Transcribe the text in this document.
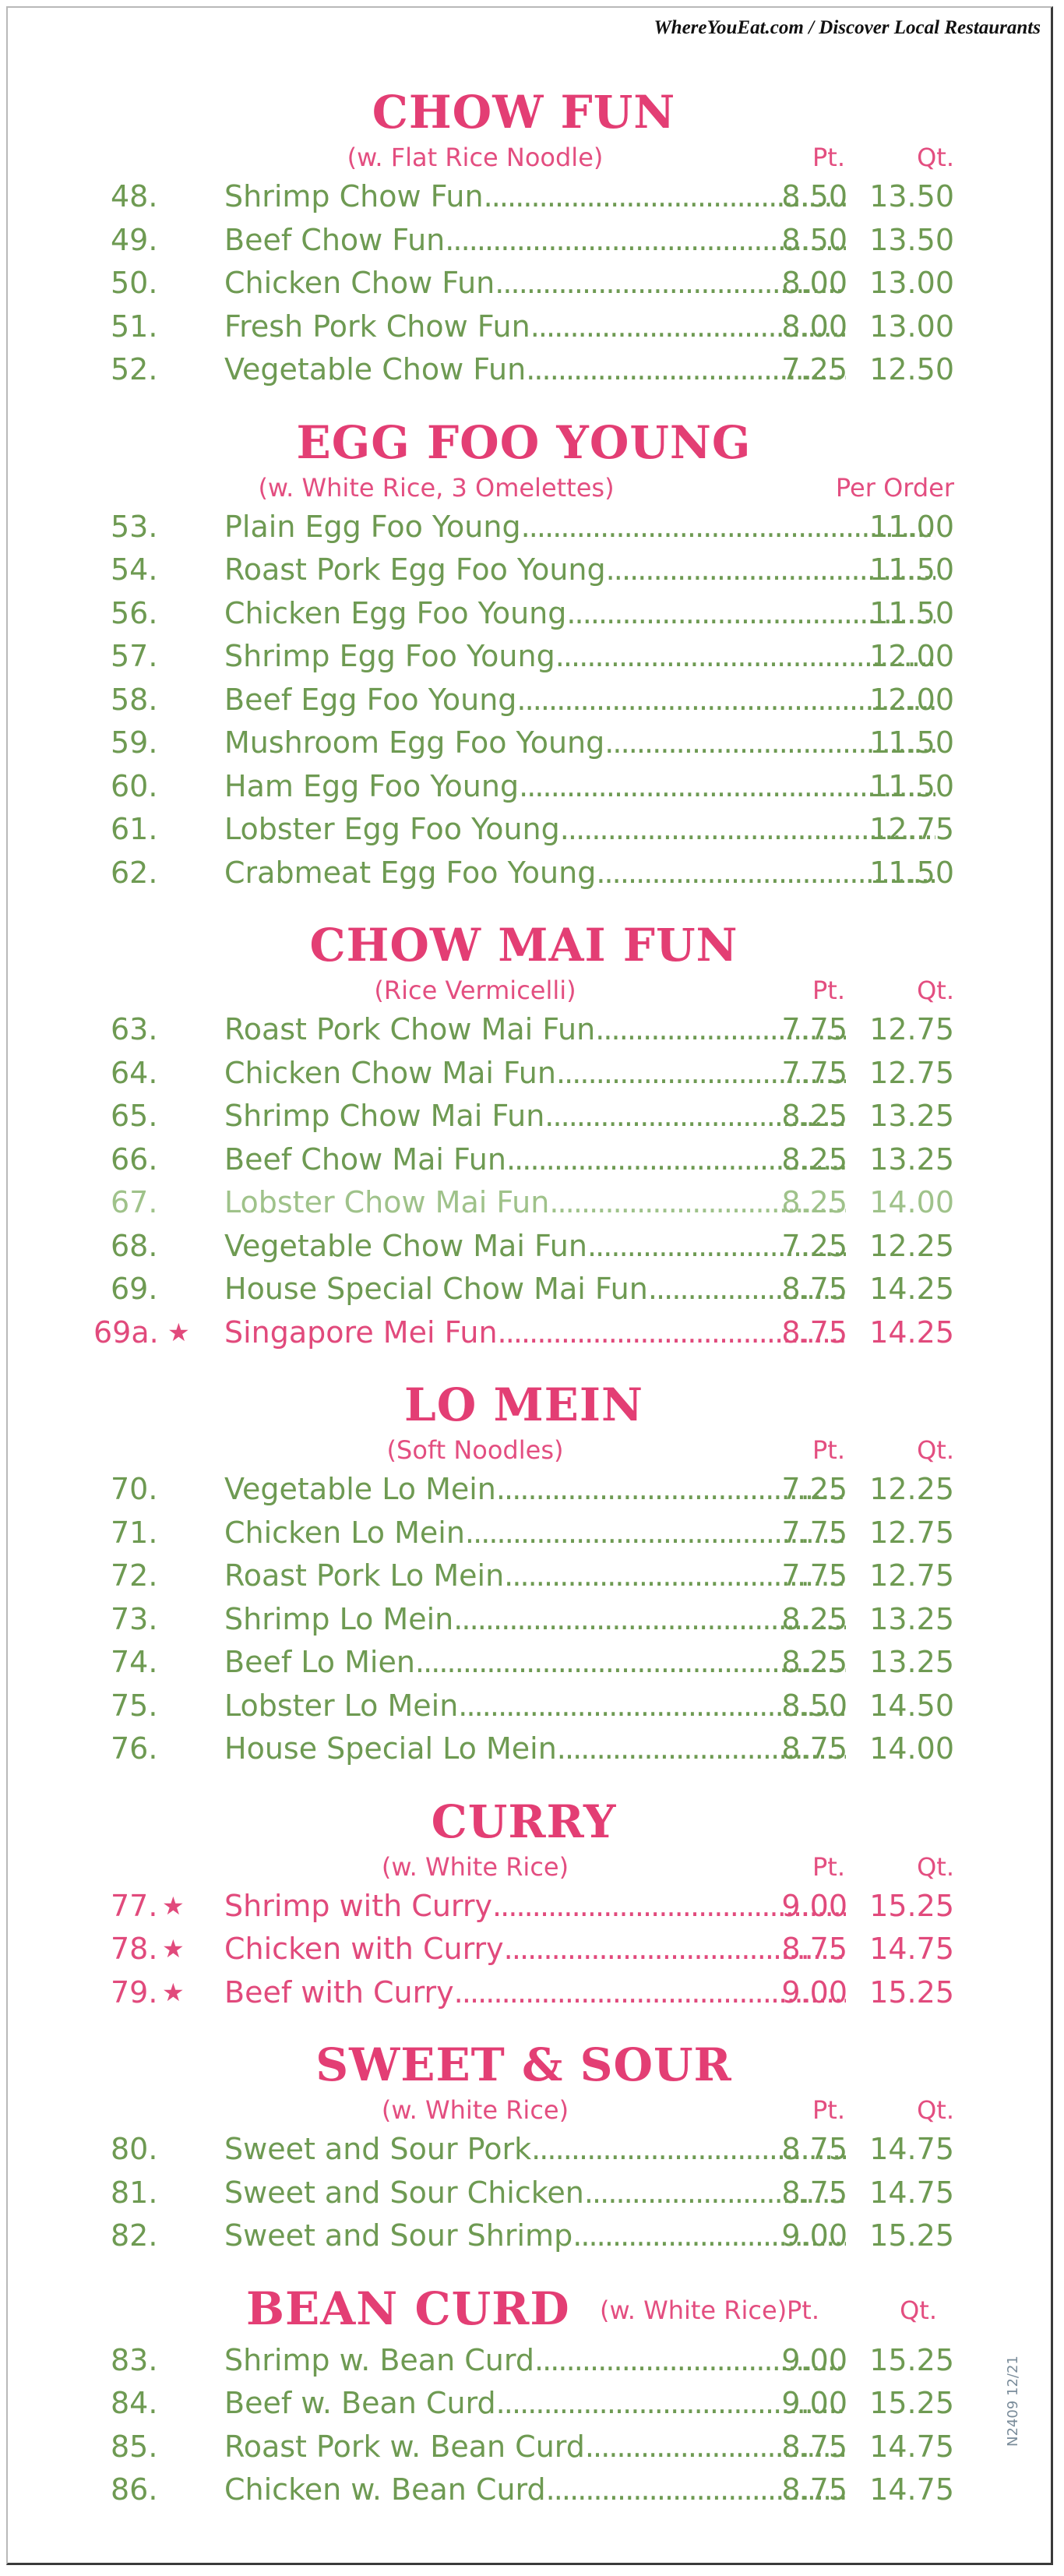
WhereYouEat.com / Discover Local Restaurants
CHOW FUN
(w. Flat Rice Noodle)	Pt.	Qt.
48. Shrimp Chow Fun . . .	8.50 13.50
49. Beef Chow Fun . . .	8.50 13.50
50. Chicken Chow Fun . . .	8.00 13.00
51. Fresh Pork Chow Fun . . .	8.00 13.00
52. Vegetable Chow Fun . . .	7.25 12.50
EGG FOO YOUNG
(w. White Rice, 3 Omelettes)	Per Order
53. Plain Egg Foo Young . . .	11.00
54. Roast Pork Egg Foo Young . . .	11.50
56. Chicken Egg Foo Young . . .	11.50
57. Shrimp Egg Foo Young . . .	12.00
58. Beef Egg Foo Young . . .	12.00
59. Mushroom Egg Foo Young . . .	11.50
60. Ham Egg Foo Young . . .	11.50
61. Lobster Egg Foo Young . . .	12.75
62. Crabmeat Egg Foo Young . . .	11.50
CHOW MAI FUN
(Rice Vermicelli)	Pt.	Qt.
63. Roast Pork Chow Mai Fun . . .	7.75 12.75
64. Chicken Chow Mai Fun . . .	7.75 12.75
65. Shrimp Chow Mai Fun . . .	8.25 13.25
66. Beef Chow Mai Fun . . .	8.25 13.25
67. Lobster Chow Mai Fun . . .	8.25 14.00
68. Vegetable Chow Mai Fun . . .	7.25 12.25
69. House Special Chow Mai Fun . . .	8.75 14.25
69a. ★ Singapore Mei Fun . . .	8.75 14.25
LO MEIN
(Soft Noodles)	Pt.	Qt.
70. Vegetable Lo Mein . . .	7.25 12.25
71. Chicken Lo Mein . . .	7.75 12.75
72. Roast Pork Lo Mein . . .	7.75 12.75
73. Shrimp Lo Mein . . .	8.25 13.25
74. Beef Lo Mien . . .	8.25 13.25
75. Lobster Lo Mein . . .	8.50 14.50
76. House Special Lo Mein . . .	8.75 14.00
CURRY
(w. White Rice)	Pt.	Qt.
77. ★ Shrimp with Curry . . .	9.00 15.25
78. ★ Chicken with Curry . . .	8.75 14.75
79. ★ Beef with Curry . . .	9.00 15.25
SWEET & SOUR
(w. White Rice)	Pt.	Qt.
80. Sweet and Sour Pork . . .	8.75 14.75
81. Sweet and Sour Chicken . . .	8.75 14.75
82. Sweet and Sour Shrimp . . .	9.00 15.25
BEAN CURD (w. White Rice) Pt.	Qt.
83. Shrimp w. Bean Curd . . .	9.00 15.25
84. Beef w. Bean Curd . . .	9.00 15.25
85. Roast Pork w. Bean Curd . . .	8.75 14.75
86. Chicken w. Bean Curd . . .	8.75 14.75
N2409 12/21
